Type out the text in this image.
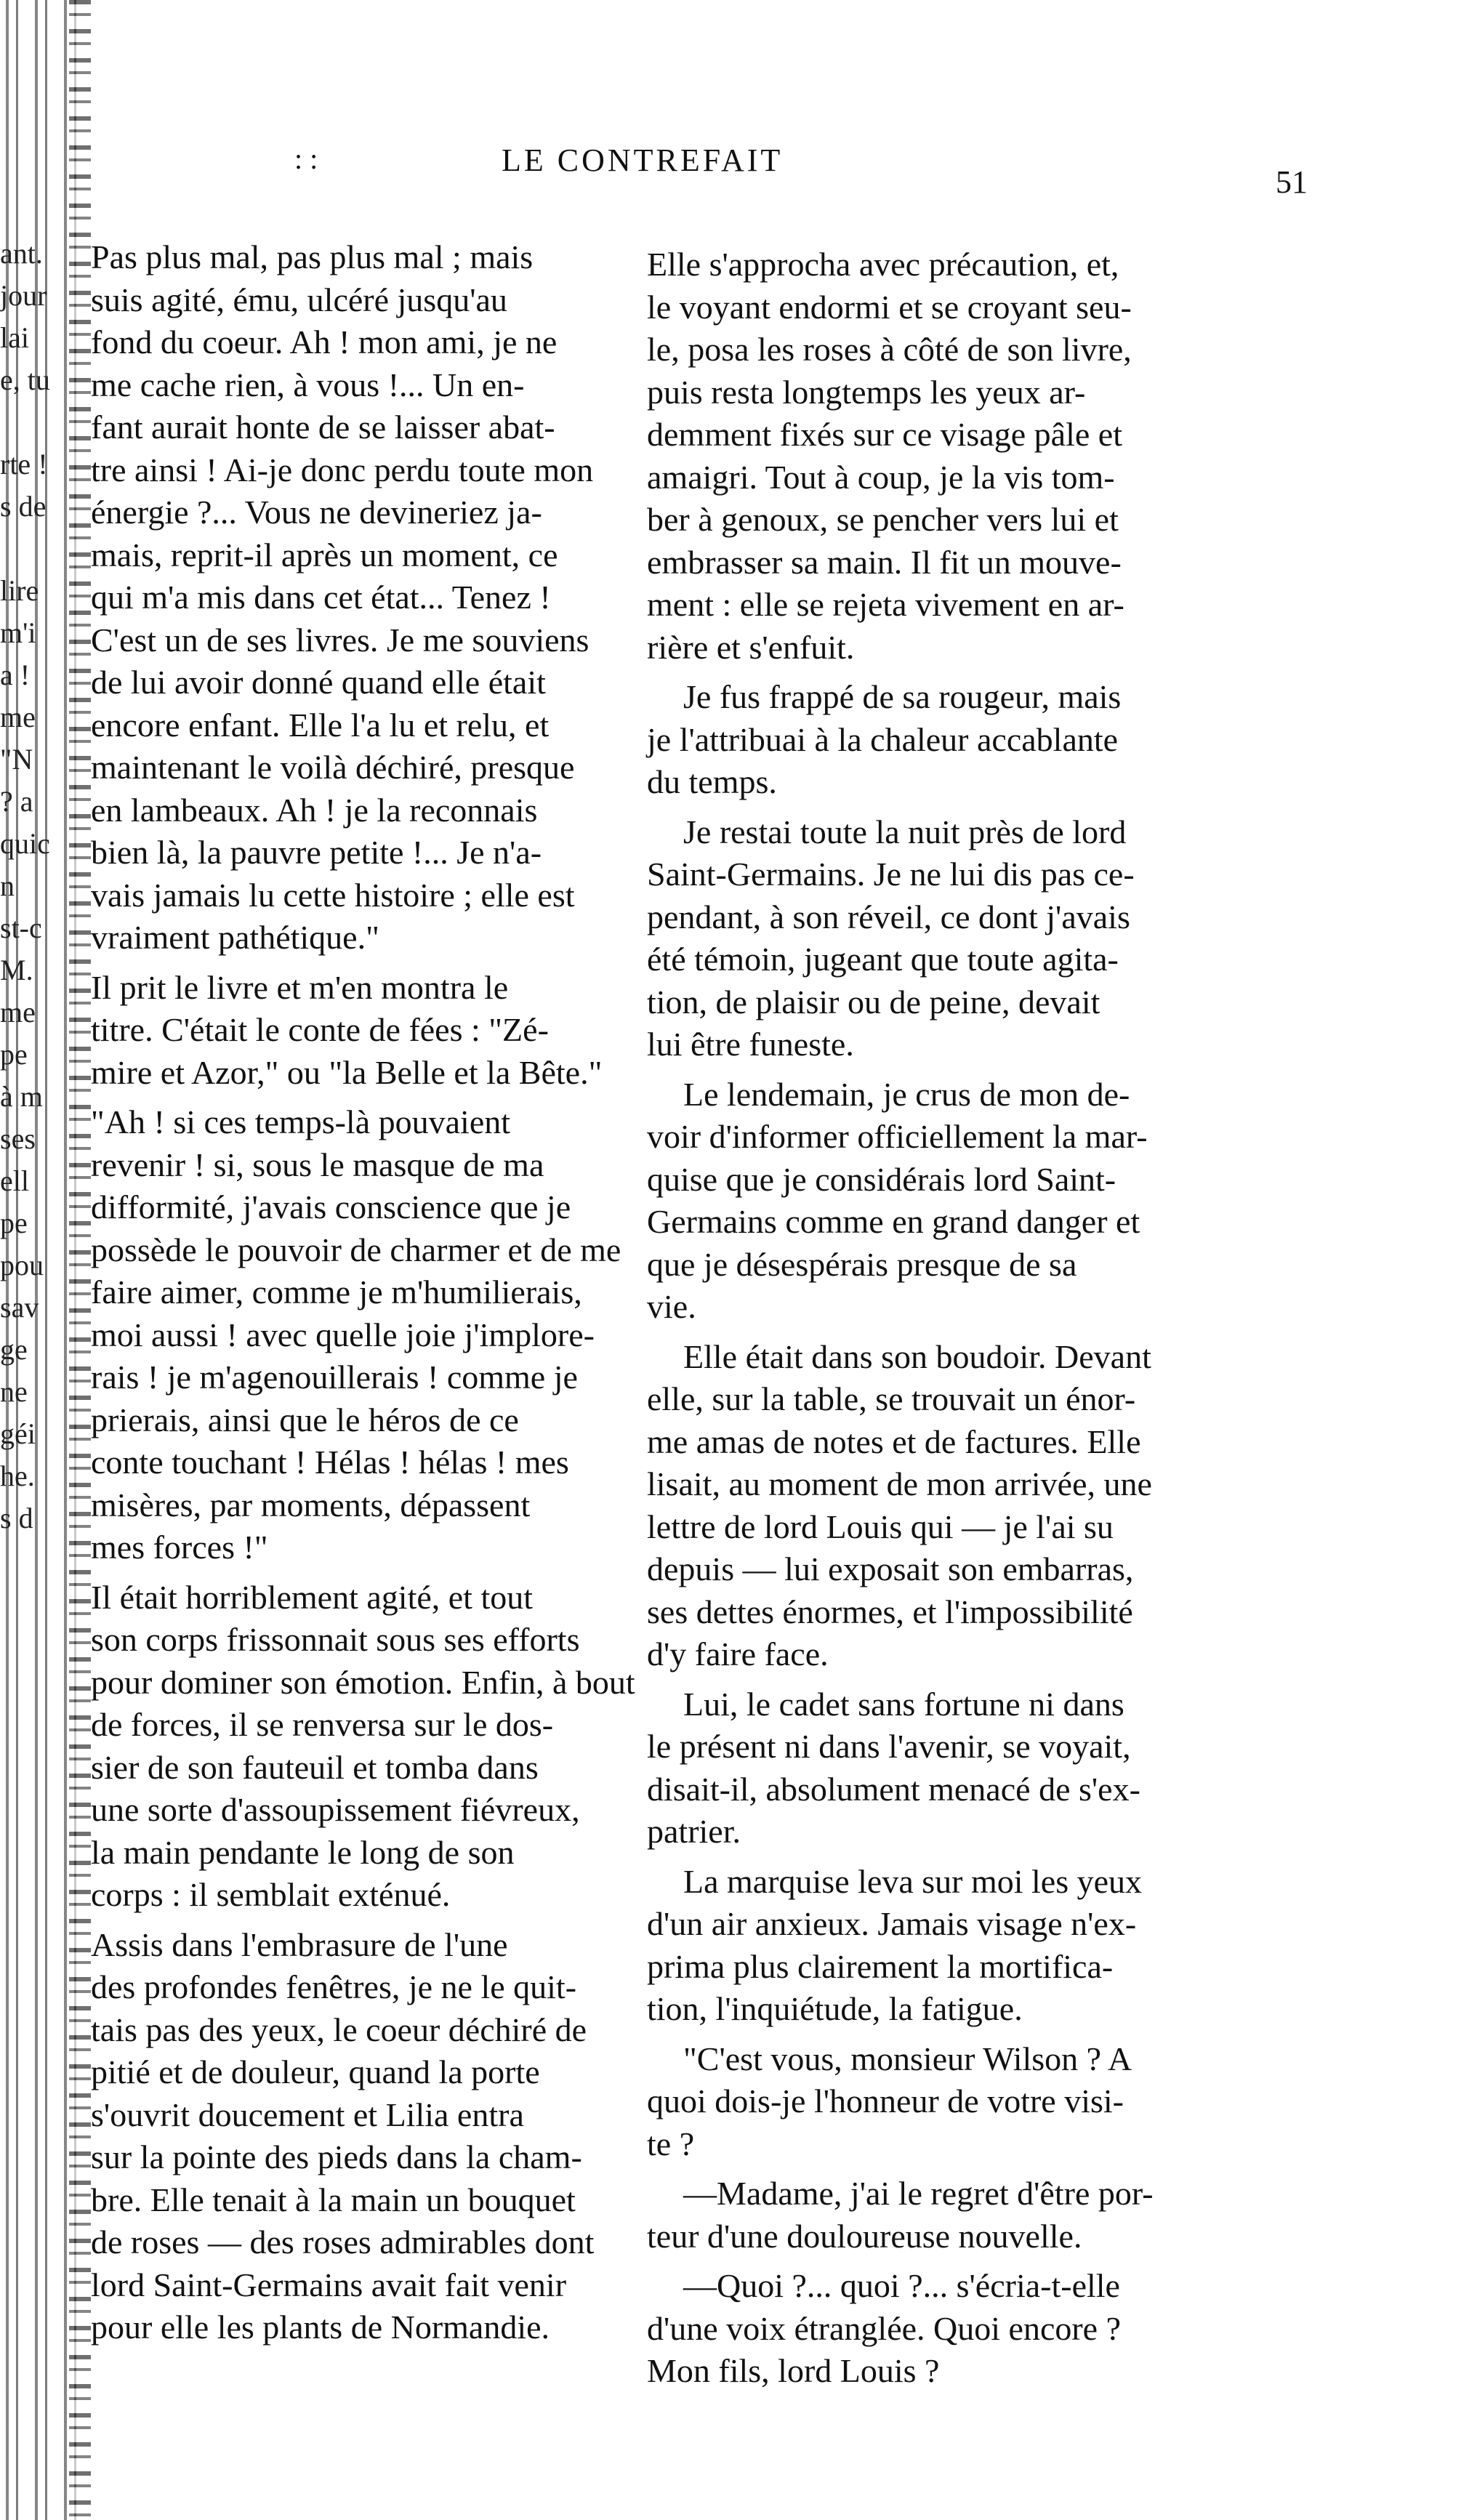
ant.
jour
lai
e, tu

rte !
s de

lire
m'i
a !
me
"N
? a
quic
n
st-c
M.
me
pe
à m
ses
ell
pe
pou
sav
ge
ne
géi
he.
s d
: :	LE CONTREFAIT
51

Pas plus mal, pas plus mal ; mais
suis agité, ému, ulcéré jusqu'au
fond du coeur. Ah ! mon ami, je ne
me cache rien, à vous !... Un en-
fant aurait honte de se laisser abat-
tre ainsi ! Ai-je donc perdu toute mon
énergie ?... Vous ne devineriez ja-
mais, reprit-il après un moment, ce
qui m'a mis dans cet état... Tenez !
C'est un de ses livres. Je me souviens
de lui avoir donné quand elle était
encore enfant. Elle l'a lu et relu, et
maintenant le voilà déchiré, presque
en lambeaux. Ah ! je la reconnais
bien là, la pauvre petite !... Je n'a-
vais jamais lu cette histoire ; elle est
vraiment pathétique."

Il prit le livre et m'en montra le
titre. C'était le conte de fées : "Zé-
mire et Azor," ou "la Belle et la Bête."

"Ah ! si ces temps-là pouvaient
revenir ! si, sous le masque de ma
difformité, j'avais conscience que je
possède le pouvoir de charmer et de me
faire aimer, comme je m'humilierais,
moi aussi ! avec quelle joie j'implore-
rais ! je m'agenouillerais ! comme je
prierais, ainsi que le héros de ce
conte touchant ! Hélas ! hélas ! mes
misères, par moments, dépassent
mes forces !"

Il était horriblement agité, et tout
son corps frissonnait sous ses efforts
pour dominer son émotion. Enfin, à bout
de forces, il se renversa sur le dos-
sier de son fauteuil et tomba dans
une sorte d'assoupissement fiévreux,
la main pendante le long de son
corps : il semblait exténué.

Assis dans l'embrasure de l'une
des profondes fenêtres, je ne le quit-
tais pas des yeux, le coeur déchiré de
pitié et de douleur, quand la porte
s'ouvrit doucement et Lilia entra
sur la pointe des pieds dans la cham-
bre. Elle tenait à la main un bouquet
de roses — des roses admirables dont
lord Saint-Germains avait fait venir
pour elle les plants de Normandie.

Elle s'approcha avec précaution, et,
le voyant endormi et se croyant seu-
le, posa les roses à côté de son livre,
puis resta longtemps les yeux ar-
demment fixés sur ce visage pâle et
amaigri. Tout à coup, je la vis tom-
ber à genoux, se pencher vers lui et
embrasser sa main. Il fit un mouve-
ment : elle se rejeta vivement en ar-
rière et s'enfuit.

Je fus frappé de sa rougeur, mais
je l'attribuai à la chaleur accablante
du temps.

Je restai toute la nuit près de lord
Saint-Germains. Je ne lui dis pas ce-
pendant, à son réveil, ce dont j'avais
été témoin, jugeant que toute agita-
tion, de plaisir ou de peine, devait
lui être funeste.

Le lendemain, je crus de mon de-
voir d'informer officiellement la mar-
quise que je considérais lord Saint-
Germains comme en grand danger et
que je désespérais presque de sa
vie.

Elle était dans son boudoir. Devant
elle, sur la table, se trouvait un énor-
me amas de notes et de factures. Elle
lisait, au moment de mon arrivée, une
lettre de lord Louis qui — je l'ai su
depuis — lui exposait son embarras,
ses dettes énormes, et l'impossibilité
d'y faire face.

Lui, le cadet sans fortune ni dans
le présent ni dans l'avenir, se voyait,
disait-il, absolument menacé de s'ex-
patrier.

La marquise leva sur moi les yeux
d'un air anxieux. Jamais visage n'ex-
prima plus clairement la mortifica-
tion, l'inquiétude, la fatigue.

"C'est vous, monsieur Wilson ? A
quoi dois-je l'honneur de votre visi-
te ?

—Madame, j'ai le regret d'être por-
teur d'une douloureuse nouvelle.

—Quoi ?... quoi ?... s'écria-t-elle
d'une voix étranglée. Quoi encore ?
Mon fils, lord Louis ?
